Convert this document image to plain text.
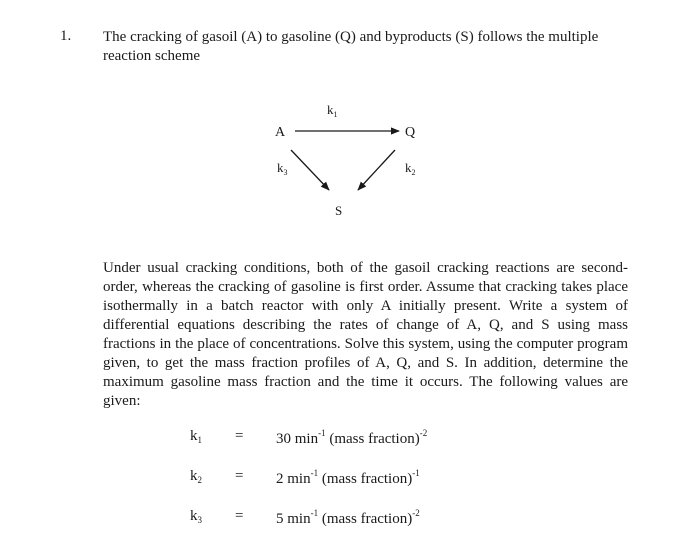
1. The cracking of gasoil (A) to gasoline (Q) and byproducts (S) follows the multiple reaction scheme
A	Q
S
$k_1$
$k_3$	$k_2$
Under usual cracking conditions, both of the gasoil cracking reactions are second-order, whereas the cracking of gasoline is first order. Assume that cracking takes place isothermally in a batch reactor with only A initially present. Write a system of differential equations describing the rates of change of A, Q, and S using mass fractions in the place of concentrations. Solve this system, using the computer program given, to get the mass fraction profiles of A, Q, and S. In addition, determine the maximum gasoline mass fraction and the time it occurs. The following values are given:
$k_1 = 30$ $\min^{-1}$ (mass fraction)$^{-2}$
$k_2 = 2$ $\min^{-1}$ (mass fraction)$^{-1}$
$k_3 = 5$ $\min^{-1}$ (mass fraction)$^{-2}$
